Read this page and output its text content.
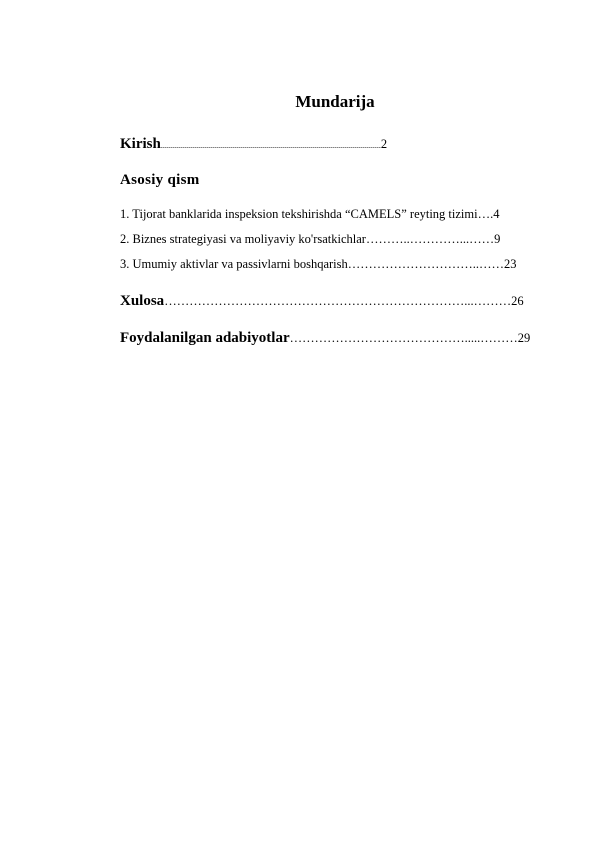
Mundarija
Kirish..............................................................................................................2
Asosiy qism
1. Tijorat banklarida inspeksion tekshirishda “CAMELS” reyting tizimi….4
2. Biznes strategiyasi va moliyaviy ko'rsatkichlar………..…………...……9
3. Umumiy aktivlar va passivlarni boshqarish…………………………..……23
Xulosa………………………………………………………………...………26
Foydalanilgan adabiyotlar…………………………………….....………29
